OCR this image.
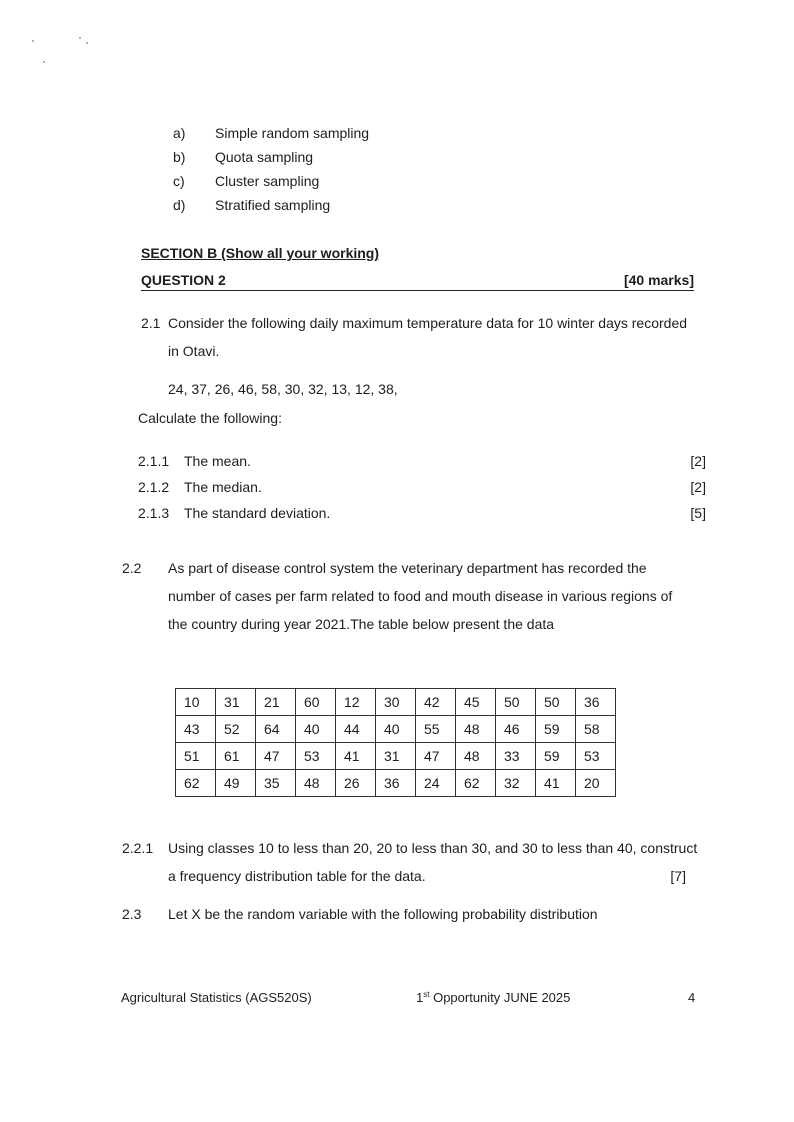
a) Simple random sampling
b) Quota sampling
c) Cluster sampling
d) Stratified sampling
SECTION B (Show all your working)
QUESTION 2	[40 marks]
2.1 Consider the following daily maximum temperature data for 10 winter days recorded
in Otavi.
24, 37, 26, 46, 58, 30, 32, 13, 12, 38,
Calculate the following:
2.1.1 The mean.	[2]
2.1.2 The median.	[2]
2.1.3 The standard deviation.	[5]
2.2 As part of disease control system the veterinary department has recorded the
number of cases per farm related to food and mouth disease in various regions of
the country during year 2021.The table below present the data
10	31	21	60	12	30	42	45	50	50	36
43	52	64	40	44	40	55	48	46	59	58
51	61	47	53	41	31	47	48	33	59	53
62	49	35	48	26	36	24	62	32	41	20
2.2.1 Using classes 10 to less than 20, 20 to less than 30, and 30 to less than 40, construct
a frequency distribution table for the data.	[7]
2.3 Let X be the random variable with the following probability distribution
Agricultural Statistics (AGS520S)	1st Opportunity JUNE 2025	4
